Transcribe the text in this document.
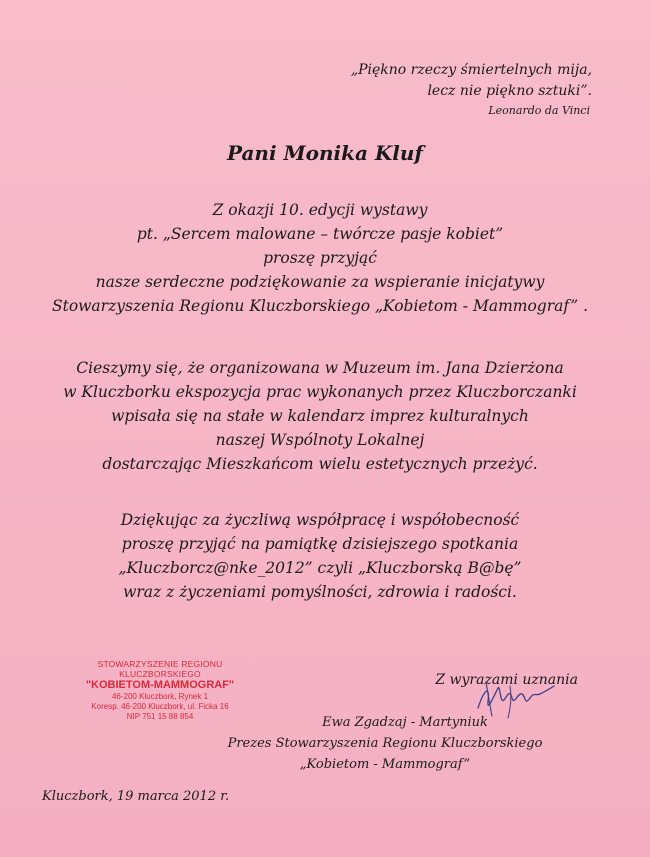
„Piękno rzeczy śmiertelnych mija,
lecz nie piękno sztuki”.
Leonardo da Vinci
Pani Monika Kluf
Z okazji 10. edycji wystawy
pt. „Sercem malowane – twórcze pasje kobiet”
proszę przyjąć
nasze serdeczne podziękowanie za wspieranie inicjatywy
Stowarzyszenia Regionu Kluczborskiego „Kobietom - Mammograf” .
Cieszymy się, że organizowana w Muzeum im. Jana Dzierżona
w Kluczborku ekspozycja prac wykonanych przez Kluczborczanki
wpisała się na stałe w kalendarz imprez kulturalnych
naszej Wspólnoty Lokalnej
dostarczając Mieszkańcom wielu estetycznych przeżyć.
Dziękując za życzliwą współpracę i współobecność
proszę przyjąć na pamiątkę dzisiejszego spotkania
„Kluczborcz@nke_2012” czyli „Kluczborską B@bę”
wraz z życzeniami pomyślności, zdrowia i radości.
STOWARZYSZENIE REGIONU KLUCZBORSKIEGO
"KOBIETOM-MAMMOGRAF"
46-200 Kluczbork, Rynek 1
Koresp. 46-200 Kluczbork, ul. Ficka 16
NIP 751 15 88 854
Z wyrazami uznania
Ewa Zgadzaj - Martyniuk
Prezes Stowarzyszenia Regionu Kluczborskiego
„Kobietom - Mammograf”
Kluczbork, 19 marca 2012 r.
